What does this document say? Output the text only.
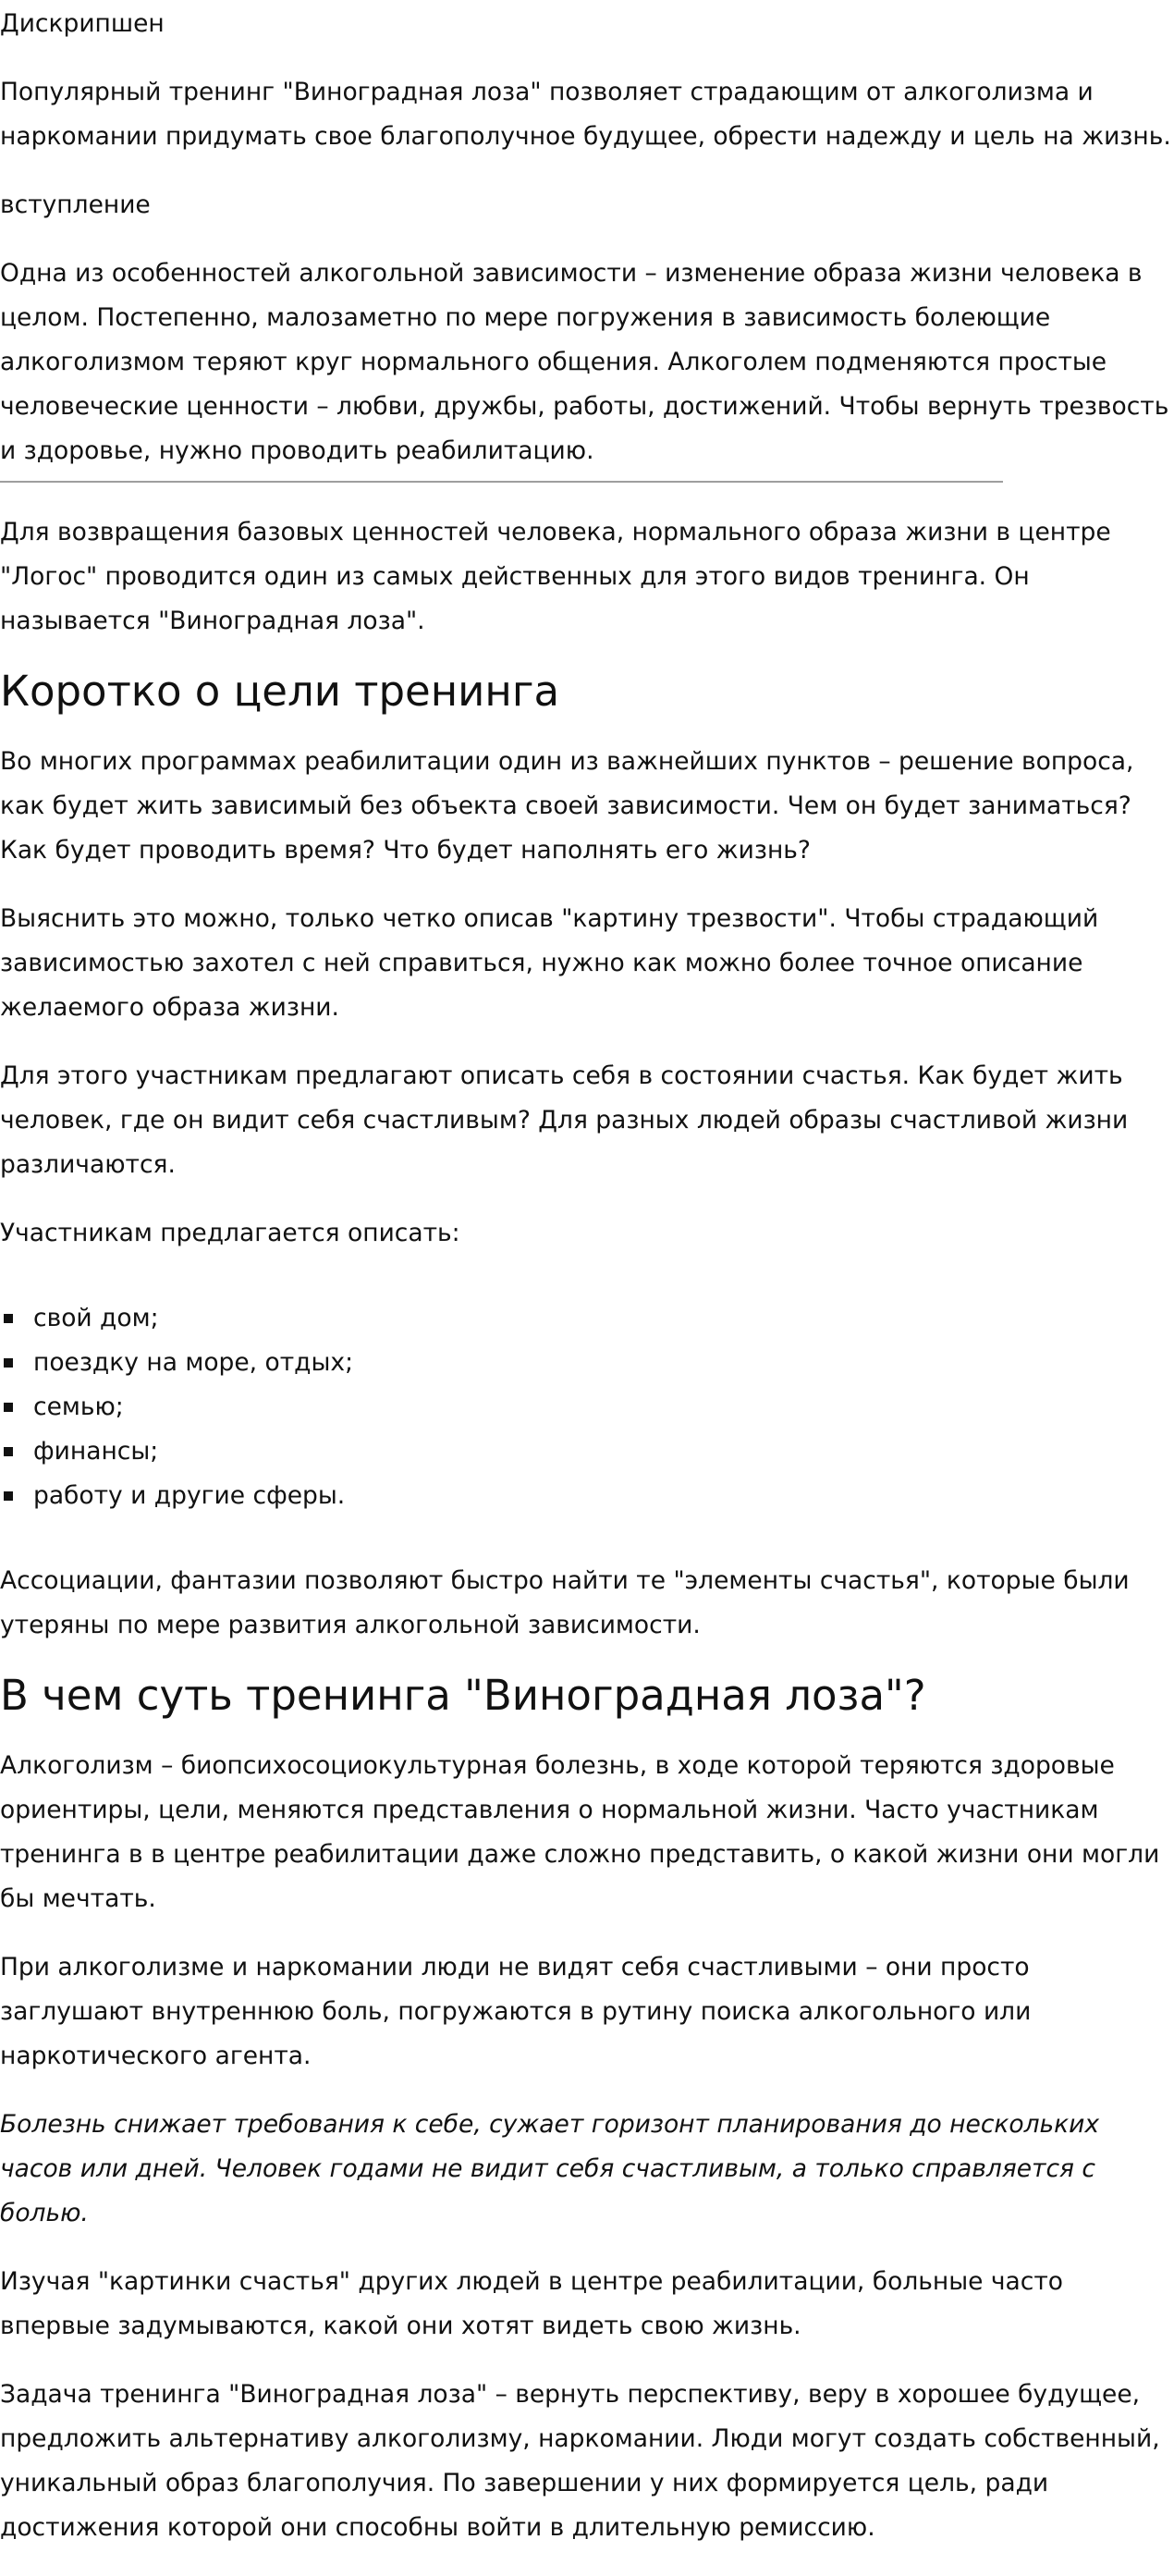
Дискрипшен

Популярный тренинг "Виноградная лоза" позволяет страдающим от алкоголизма и наркомании придумать свое благополучное будущее, обрести надежду и цель на жизнь.

вступление

Одна из особенностей алкогольной зависимости – изменение образа жизни человека в целом. Постепенно, малозаметно по мере погружения в зависимость болеющие алкоголизмом теряют круг нормального общения. Алкоголем подменяются простые человеческие ценности – любви, дружбы, работы, достижений. Чтобы вернуть трезвость и здоровье, нужно проводить реабилитацию.

Для возвращения базовых ценностей человека, нормального образа жизни в центре "Логос" проводится один из самых действенных для этого видов тренинга. Он называется "Виноградная лоза".

Коротко о цели тренинга

Во многих программах реабилитации один из важнейших пунктов – решение вопроса, как будет жить зависимый без объекта своей зависимости. Чем он будет заниматься? Как будет проводить время? Что будет наполнять его жизнь?

Выяснить это можно, только четко описав "картину трезвости". Чтобы страдающий зависимостью захотел с ней справиться, нужно как можно более точное описание желаемого образа жизни.

Для этого участникам предлагают описать себя в состоянии счастья. Как будет жить человек, где он видит себя счастливым? Для разных людей образы счастливой жизни различаются.

Участникам предлагается описать:

свой дом;
поездку на море, отдых;
семью;
финансы;
работу и другие сферы.

Ассоциации, фантазии позволяют быстро найти те "элементы счастья", которые были утеряны по мере развития алкогольной зависимости.

В чем суть тренинга "Виноградная лоза"?

Алкоголизм – биопсихосоциокультурная болезнь, в ходе которой теряются здоровые ориентиры, цели, меняются представления о нормальной жизни. Часто участникам тренинга в в центре реабилитации даже сложно представить, о какой жизни они могли бы мечтать.

При алкоголизме и наркомании люди не видят себя счастливыми – они просто заглушают внутреннюю боль, погружаются в рутину поиска алкогольного или наркотического агента.

Болезнь снижает требования к себе, сужает горизонт планирования до нескольких часов или дней. Человек годами не видит себя счастливым, а только справляется с болью.

Изучая "картинки счастья" других людей в центре реабилитации, больные часто впервые задумываются, какой они хотят видеть свою жизнь.

Задача тренинга "Виноградная лоза" – вернуть перспективу, веру в хорошее будущее, предложить альтернативу алкоголизму, наркомании. Люди могут создать собственный, уникальный образ благополучия. По завершении у них формируется цель, ради достижения которой они способны войти в длительную ремиссию.
